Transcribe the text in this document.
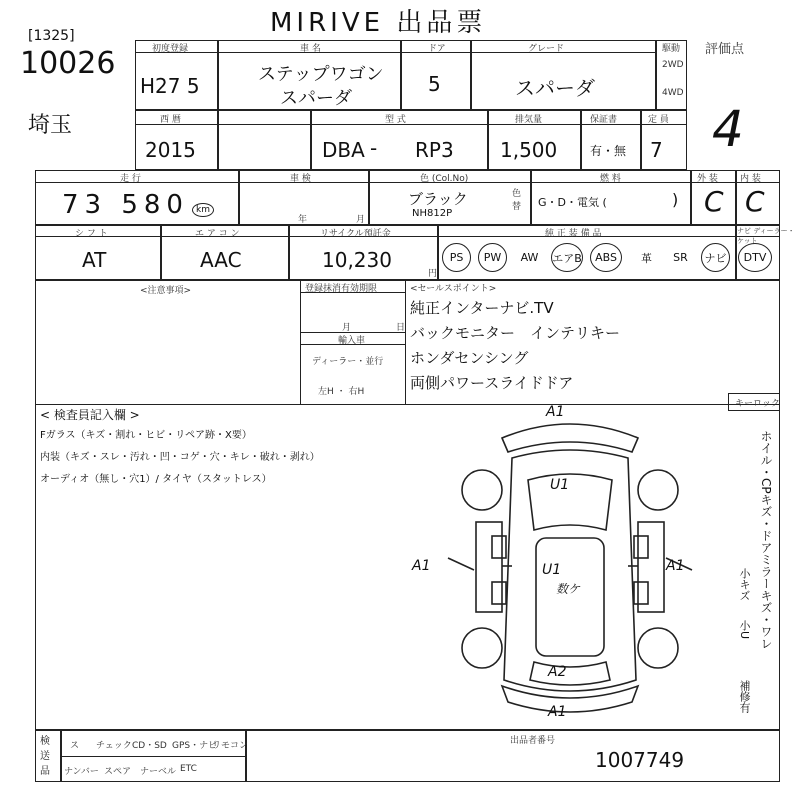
MIRIVE 出品票
[1325]
10026
埼玉
初度登録
H27 5
車 名
ステップワゴン
スパーダ
ドア
5
グレード
スパーダ
駆動
2WD
4WD
評価点
4
西 暦
2015
型 式
DBA - RP3
排気量
1,500
保証書
有・無
定 員
7
走 行
73 580 km
車 検
年	月
色 (Col.No)
ブラック
NH812P
色 替
燃 料
G・D・電気 (	)
外 装
C
内 装
C
シ フ ト
AT
エ ア コ ン
AAC
リサイクル預託金
10,230
円
純 正 装 備 品	ナビ ディーラー・ケット
PS PW AW エアB ABS 革 SR ナビ DTV
<注意事項>	登録抹消有効期限
月	日
輸入車
ディーラー・並行
左H ・ 右H
<セールスポイント>
純正インターナビ.TV
バックモニター　インテリキー
ホンダセンシング
両側パワースライドドア
< 検査員記入欄 >
Fガラス（キズ・割れ・ヒビ・リペア跡・X要）
内装（キズ・スレ・汚れ・凹・コゲ・穴・キレ・破れ・剥れ）
オーディオ（無し・穴1）/ タイヤ（スタットレス）
キーロック
ホイル・CPキズ・ドアミラーキズ・ワレ
小キズ
小U
補修有
A1
U1
A1	A1
U1
数ケ
A2
A1
検 送 品
ス チェック CD・SD GPS・ナビ
リモコン
ナンバー スペア ナーベル ETC
出品者番号
1007749
